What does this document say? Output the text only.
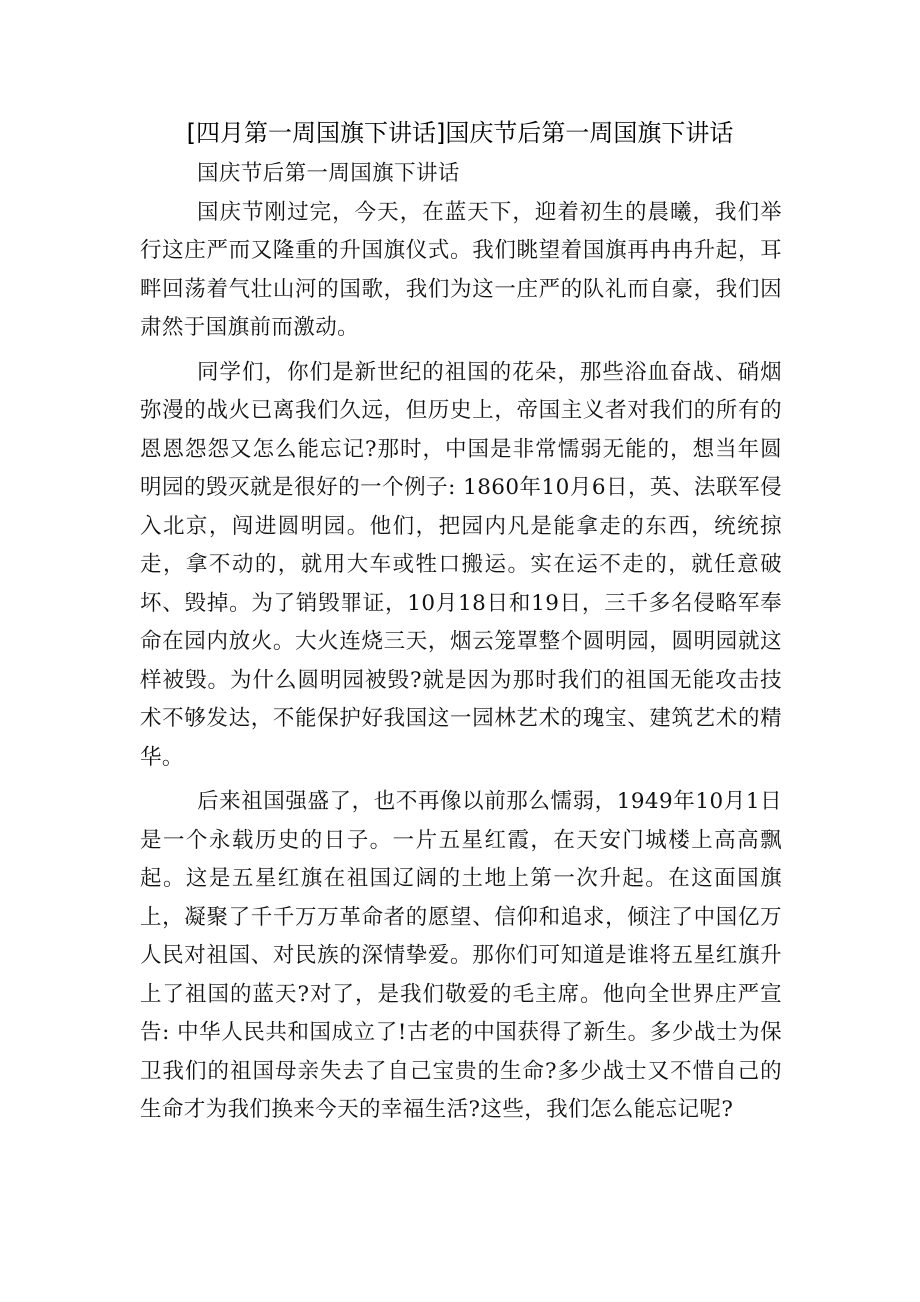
[四月第一周国旗下讲话]国庆节后第一周国旗下讲话

国庆节后第一周国旗下讲话

国庆节刚过完，今天，在蓝天下，迎着初生的晨曦，我们举行这庄严而又隆重的升国旗仪式。我们眺望着国旗再冉冉升起，耳畔回荡着气壮山河的国歌，我们为这一庄严的队礼而自豪，我们因肃然于国旗前而激动。

同学们，你们是新世纪的祖国的花朵，那些浴血奋战、硝烟弥漫的战火已离我们久远，但历史上，帝国主义者对我们的所有的恩恩怨怨又怎么能忘记?那时，中国是非常懦弱无能的，想当年圆明园的毁灭就是很好的一个例子: 1860年10月6日，英、法联军侵入北京，闯进圆明园。他们，把园内凡是能拿走的东西，统统掠走，拿不动的，就用大车或牲口搬运。实在运不走的，就任意破坏、毁掉。为了销毁罪证，10月18日和19日，三千多名侵略军奉命在园内放火。大火连烧三天，烟云笼罩整个圆明园，圆明园就这样被毁。为什么圆明园被毁?就是因为那时我们的祖国无能攻击技术不够发达，不能保护好我国这一园林艺术的瑰宝、建筑艺术的精华。

后来祖国强盛了，也不再像以前那么懦弱，1949年10月1日是一个永载历史的日子。一片五星红霞，在天安门城楼上高高飘起。这是五星红旗在祖国辽阔的土地上第一次升起。在这面国旗上，凝聚了千千万万革命者的愿望、信仰和追求，倾注了中国亿万人民对祖国、对民族的深情挚爱。那你们可知道是谁将五星红旗升上了祖国的蓝天?对了，是我们敬爱的毛主席。他向全世界庄严宣告: 中华人民共和国成立了!古老的中国获得了新生。多少战士为保卫我们的祖国母亲失去了自己宝贵的生命?多少战士又不惜自己的生命才为我们换来今天的幸福生活?这些，我们怎么能忘记呢?
